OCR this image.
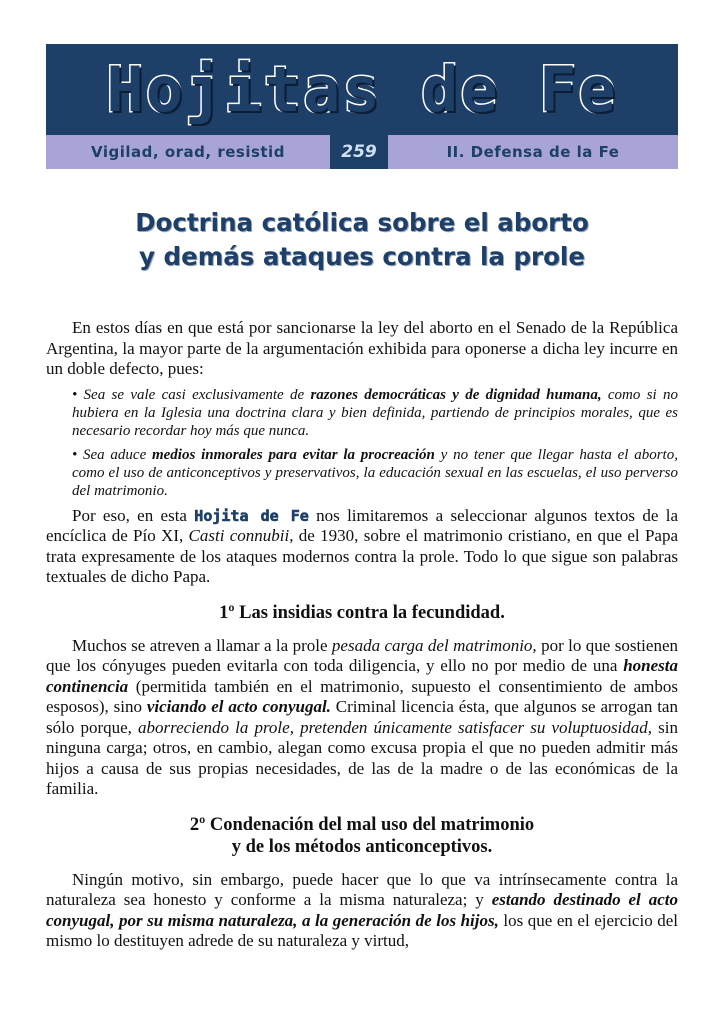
Hojitas de Fe
Vigilad, orad, resistid	259	II. Defensa de la Fe
Doctrina católica sobre el aborto
y demás ataques contra la prole

En estos días en que está por sancionarse la ley del aborto en el Senado de la República Argentina, la mayor parte de la argumentación exhibida para oponerse a dicha ley incurre en un doble defecto, pues:

• Sea se vale casi exclusivamente de razones democráticas y de dignidad humana, como si no hubiera en la Iglesia una doctrina clara y bien definida, partiendo de principios morales, que es necesario recordar hoy más que nunca.

• Sea aduce medios inmorales para evitar la procreación y no tener que llegar hasta el aborto, como el uso de anticonceptivos y preservativos, la educación sexual en las escuelas, el uso perverso del matrimonio.

Por eso, en esta Hojita de Fe nos limitaremos a seleccionar algunos textos de la encíclica de Pío XI, Casti connubii, de 1930, sobre el matrimonio cristiano, en que el Papa trata expresamente de los ataques modernos contra la prole. Todo lo que sigue son palabras textuales de dicho Papa.

1º Las insidias contra la fecundidad.

Muchos se atreven a llamar a la prole pesada carga del matrimonio, por lo que sostienen que los cónyuges pueden evitarla con toda diligencia, y ello no por medio de una honesta continencia (permitida también en el matrimonio, supuesto el consentimiento de ambos esposos), sino viciando el acto conyugal. Criminal licencia ésta, que algunos se arrogan tan sólo porque, aborreciendo la prole, pretenden únicamente satisfacer su voluptuosidad, sin ninguna carga; otros, en cambio, alegan como excusa propia el que no pueden admitir más hijos a causa de sus propias necesidades, de las de la madre o de las económicas de la familia.

2º Condenación del mal uso del matrimonio
y de los métodos anticonceptivos.

Ningún motivo, sin embargo, puede hacer que lo que va intrínsecamente contra la naturaleza sea honesto y conforme a la misma naturaleza; y estando destinado el acto conyugal, por su misma naturaleza, a la generación de los hijos, los que en el ejercicio del mismo lo destituyen adrede de su naturaleza y virtud,
